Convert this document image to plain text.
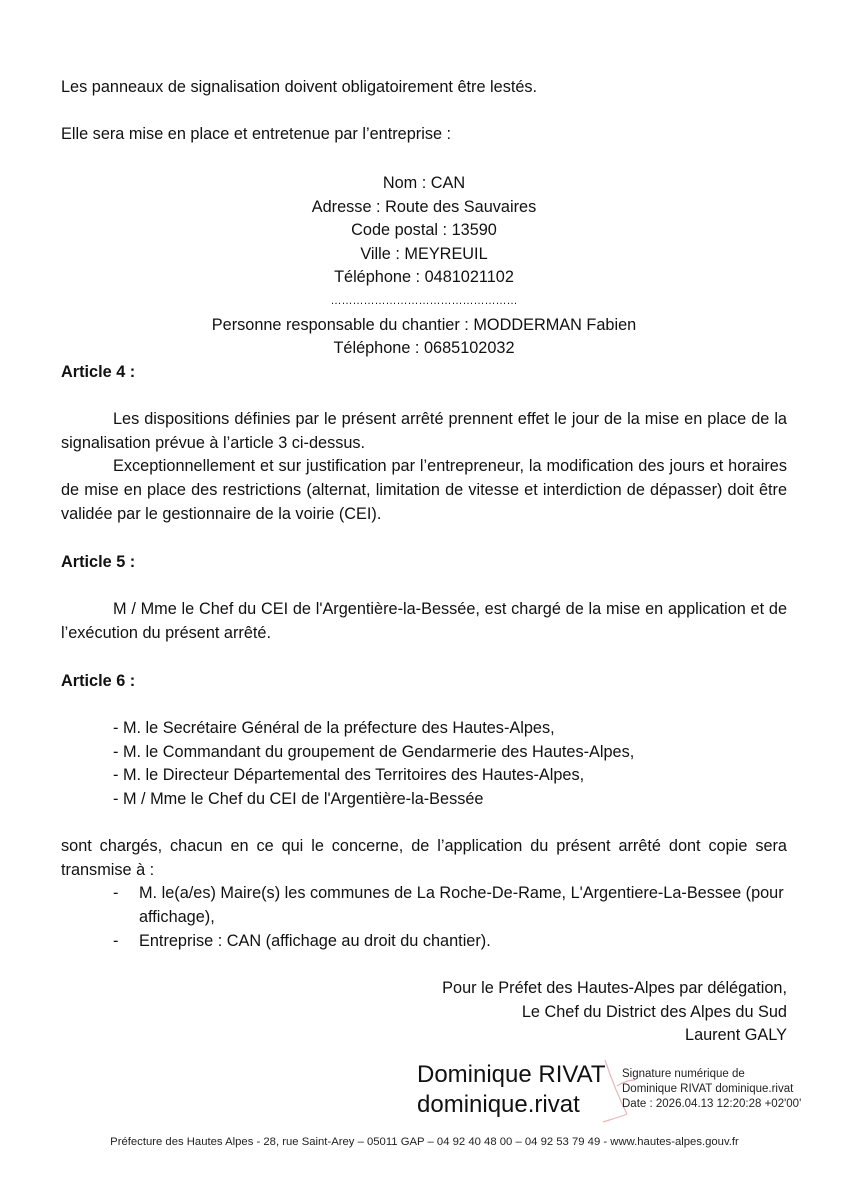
Les panneaux de signalisation doivent obligatoirement être lestés.
Elle sera mise en place et entretenue par l’entreprise :
Nom : CAN
Adresse : Route des Sauvaires
Code postal : 13590
Ville : MEYREUIL
Téléphone : 0481021102
……………………………………………
Personne responsable du chantier : MODDERMAN Fabien
Téléphone : 0685102032
Article 4 :
Les dispositions définies par le présent arrêté prennent effet le jour de la mise en place de la signalisation prévue à l’article 3 ci-dessus.
Exceptionnellement et sur justification par l’entrepreneur, la modification des jours et horaires de mise en place des restrictions (alternat, limitation de vitesse et interdiction de dépasser) doit être validée par le gestionnaire de la voirie (CEI).
Article 5 :
M / Mme le Chef du CEI de l'Argentière-la-Bessée, est chargé de la mise en application et de l’exécution du présent arrêté.
Article 6 :
- M. le Secrétaire Général de la préfecture des Hautes-Alpes,
- M. le Commandant du groupement de Gendarmerie des Hautes-Alpes,
- M. le Directeur Départemental des Territoires des Hautes-Alpes,
- M / Mme le Chef du CEI de l'Argentière-la-Bessée
sont chargés, chacun en ce qui le concerne, de l’application du présent arrêté dont copie sera transmise à :
-	M. le(a/es) Maire(s) les communes de La Roche-De-Rame, L'Argentiere-La-Bessee (pour affichage),
-	Entreprise : CAN (affichage au droit du chantier).
Pour le Préfet des Hautes-Alpes par délégation,
Le Chef du District des Alpes du Sud
Laurent GALY
Dominique RIVAT
dominique.rivat
Signature numérique de
Dominique RIVAT dominique.rivat
Date : 2026.04.13 12:20:28 +02'00'
Préfecture des Hautes Alpes - 28, rue Saint-Arey – 05011 GAP – 04 92 40 48 00 – 04 92 53 79 49 - www.hautes-alpes.gouv.fr
